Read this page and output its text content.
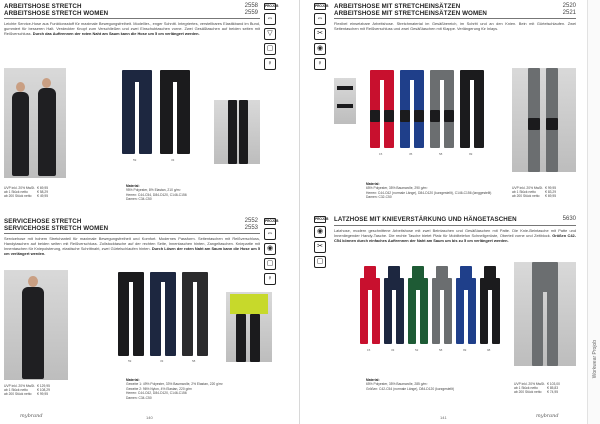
ARBEITSHOSE STRETCH
ARBEITSHOSE STRETCH WOMEN
2558
2559
PROJOB
⇔
▽
▢
♀
Leichte Service-Hose aus Funktionsstoff für maximale Bewegungsfreiheit. Modellier-, enger Schnitt. Integriertes, verstellbares Elastikband im Bund, gummiert für besseren Halt. Verdeckter Knopf zum Verschließen und zwei Einschubtaschen vorne. Zwei Gesäßtaschen auf beiden seiten mit Reißverschluss. Durch das Auftrennen der roten Naht am Saum kann die Hose um 5 cm verlängert werden.
59	33
UVP inkl. 20% MwSt.	€ 69,95
ab 1 Stück netto	€ 58,29
ab 200 Stück netto	€ 49,95
Material:
95% Polyester, 8% Elastan, 210 g/m²
Herren: C44-C54, D84-D120, C146-C156
Damen: C34-C50
SERVICEHOSE STRETCH
SERVICEHOSE STRETCH WOMEN
2552
2553
PROJOB
⇔
◉
▢
♀
Servicehose mit hohem Stretchanteil für maximale Bewegungsfreiheit und Komfort. Modernes Passform. Seitentaschen mit Reißverschluss, Handytaschen auf beiden seiten mit Reißverschluss. Zollstocktasche auf der rechten Seite, Innentaschen hinten, Zangeltaschen. Kniepartie mit Innentaschen für Kniepolsterung, elastische Schrittnaht, zwei Gürtelschlaufen hinten. Durch Lösen der roten Naht am Saum kann die Hose um 5 cm verlängert werden.
59	33	58
UVP inkl. 20% MwSt.	€ 129,95
ab 1 Stück netto	€ 108,29
ab 200 Stück netto	€ 99,95
Material:
Gewebe 1: 49% Polyester, 33% Baumwolle, 2% Elastan, 220 g/m²
Gewebe 2: 96% Nylon, 4% Elastan, 220 g/m²
Herren: C44-C62, D84-D120, C146-C156
Damen: C34-C50
mybrand	140
PROJOB
⇔
✂
◉
♀
ARBEITSHOSE MIT STRETCHEINSÄTZEN
ARBEITSHOSE MIT STRETCHEINSÄTZEN WOMEN
2520
2521
Flexibel einsetzbare Arbeitshose. Stretchmaterial im Gesäßbereich, im Schritt und an den Knien. Bein mit Gürtelschlaufen. Zwei Seitentaschen mit Reißverschluss und zwei Gesäßtaschen mit Klappe. Verlängerung für Inlays.
15	35	58	99
Material:
65% Polyester, 35% Baumwolle, 290 g/m²
Herren: C44-C62 (normale Länge), D84-D120 (kurzgestellt), C146-C156 (langgestellt)
Damen: C32-C50
UVP inkl. 20% MwSt.	€ 99,95
ab 1 Stück netto	€ 83,29
ab 200 Stück netto	€ 69,95
PROJOB
◉
✂
▢
LATZHOSE MIT KNIEVERSTÄRKUNG UND HÄNGETASCHEN	5630
Latzhose, modern geschnittene Arbeitshose mit zwei Beintaschen und Gesäßtaschen mit Patte. Die Knie-Beintasche mit Patte und Innenliegender Handy-Tasche. Die rechte Tasche bietet Platz für Mobiltelefon Schnellgerüste, Oberteil vorne und Zeitblock. Größen C42-C54 können durch einfaches Auftrennen der Naht am Saum um bis zu 5 cm verlängert werden.
15	33	52	58	99	98
Material:
65% Polyester, 35% Baumwolle, 285 g/m²
Größen: C42-C54 (normale Länge), D84-D120 (kurzgestellt)
UVP inkl. 20% MwSt.	€ 103,00
ab 1 Stück netto	€ 85,83
ab 200 Stück netto	€ 74,95
141	mybrand
Workwear Projob
